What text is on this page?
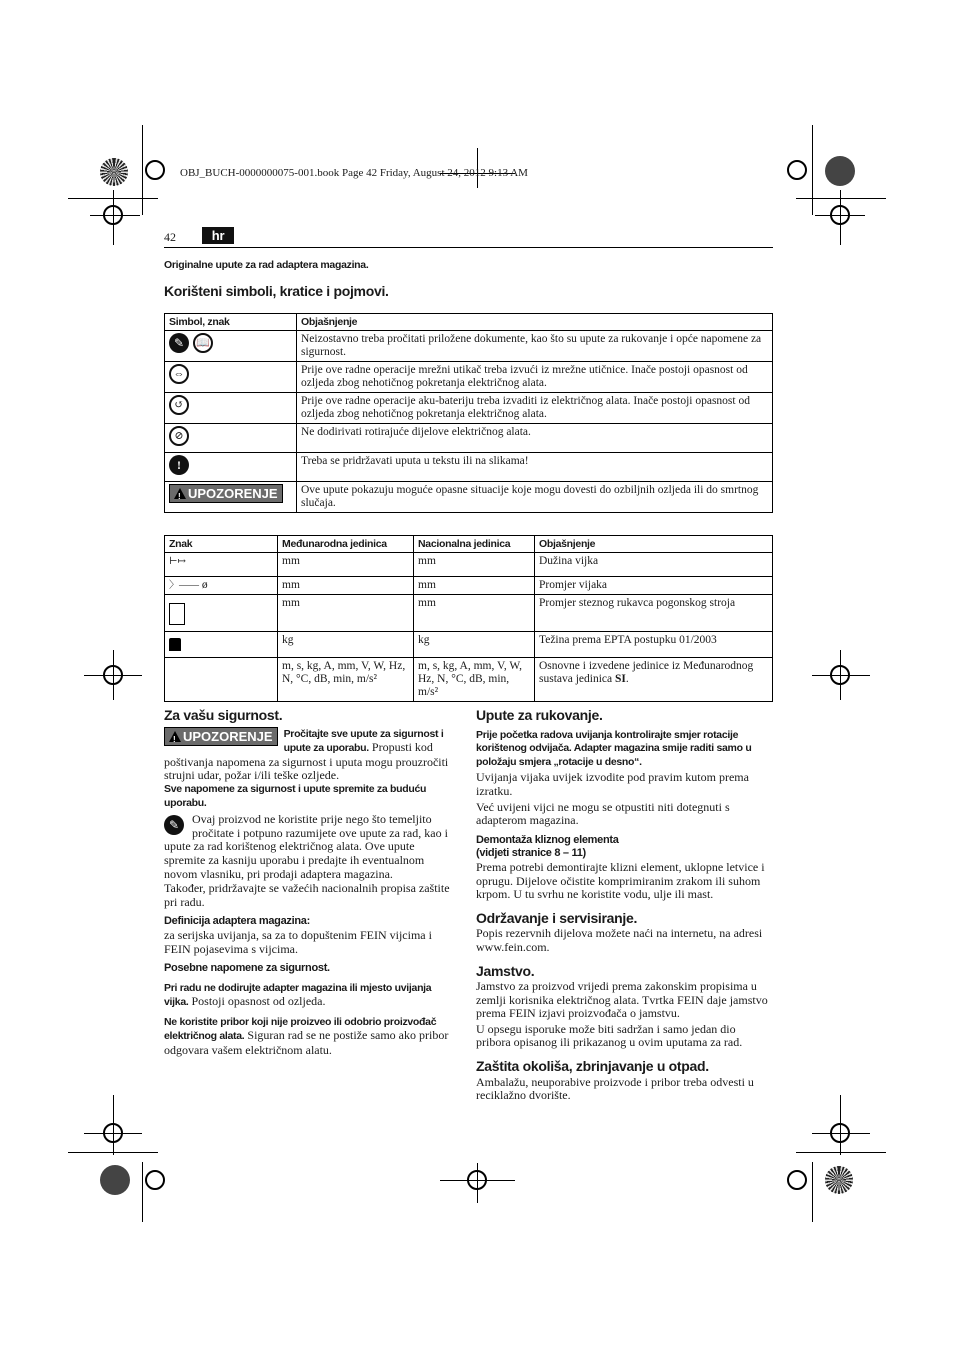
OBJ_BUCH-0000000075-001.book Page 42 Friday, August 24, 2012 9:13 AM
42	hr
Originalne upute za rad adaptera magazina.
Korišteni simboli, kratice i pojmovi.
Simbol, znak	Objašnjenje
✎ 📖	Neizostavno treba pročitati priložene dokumente, kao što su upute za rukovanje i opće napomene za sigurnost.
⇔	Prije ove radne operacije mrežni utikač treba izvući iz mrežne utičnice. Inače postoji opasnost od ozljeda zbog nehotičnog pokretanja električnog alata.
↺	Prije ove radne operacije aku-bateriju treba izvaditi iz električnog alata. Inače postoji opasnost od ozljeda zbog nehotičnog pokretanja električnog alata.
⊘	Ne dodirivati rotirajuće dijelove električnog alata.
!	Treba se pridržavati uputa u tekstu ili na slikama!
!UPOZORENJE	Ove upute pokazuju moguće opasne situacije koje mogu dovesti do ozbiljnih ozljeda ili do smrtnog slučaja.
Znak	Međunarodna jedinica	Nacionalna jedinica	Objašnjenje
⊢↦	mm	mm	Dužina vijka
〉—— ø	mm	mm	Promjer vijaka
	mm	mm	Promjer steznog rukavca pogonskog stroja
	kg	kg	Težina prema EPTA postupku 01/2003
	m, s, kg, A, mm, V, W, Hz, N, °C, dB, min, m/s²	m, s, kg, A, mm, V, W, Hz, N, °C, dB, min, m/s²	Osnovne i izvedene jedinice iz Međunarodnog sustava jedinica SI.
Za vašu sigurnost.
!UPOZORENJE	Pročitajte sve upute za sigurnost i upute za uporabu. Propusti kod poštivanja napomena za sigurnost i uputa mogu prouzročiti strujni udar, požar i/ili teške ozljede.
Sve napomene za sigurnost i upute spremite za buduću uporabu.
✎	Ovaj proizvod ne koristite prije nego što temeljito pročitate i potpuno razumijete ove upute za rad, kao i upute za rad korištenog električnog alata. Ove upute spremite za kasniju uporabu i predajte ih eventualnom novom vlasniku, pri prodaji adaptera magazina.
Također, pridržavajte se važećih nacionalnih propisa zaštite pri radu.
Definicija adaptera magazina:
za serijska uvijanja, sa za to dopuštenim FEIN vijcima i FEIN pojasevima s vijcima.
Posebne napomene za sigurnost.
Pri radu ne dodirujte adapter magazina ili mjesto uvijanja vijka. Postoji opasnost od ozljeda.
Ne koristite pribor koji nije proizveo ili odobrio proizvođač električnog alata. Siguran rad se ne postiže samo ako pribor odgovara vašem električnom alatu.
Upute za rukovanje.
Prije početka radova uvijanja kontrolirajte smjer rotacije korištenog odvijača. Adapter magazina smije raditi samo u položaju smjera „rotacije u desno“.
Uvijanja vijaka uvijek izvodite pod pravim kutom prema izratku.
Već uvijeni vijci ne mogu se otpustiti niti dotegnuti s adapterom magazina.
Demontaža kliznog elementa
(vidjeti stranice 8 – 11)
Prema potrebi demontirajte klizni element, uklopne letvice i oprugu. Dijelove očistite komprimiranim zrakom ili suhom krpom. U tu svrhu ne koristite vodu, ulje ili mast.
Održavanje i servisiranje.
Popis rezervnih dijelova možete naći na internetu, na adresi www.fein.com.
Jamstvo.
Jamstvo za proizvod vrijedi prema zakonskim propisima u zemlji korisnika električnog alata. Tvrtka FEIN daje jamstvo prema FEIN izjavi proizvođača o jamstvu.
U opsegu isporuke može biti sadržan i samo jedan dio pribora opisanog ili prikazanog u ovim uputama za rad.
Zaštita okoliša, zbrinjavanje u otpad.
Ambalažu, neuporabive proizvode i pribor treba odvesti u reciklažno dvorište.
